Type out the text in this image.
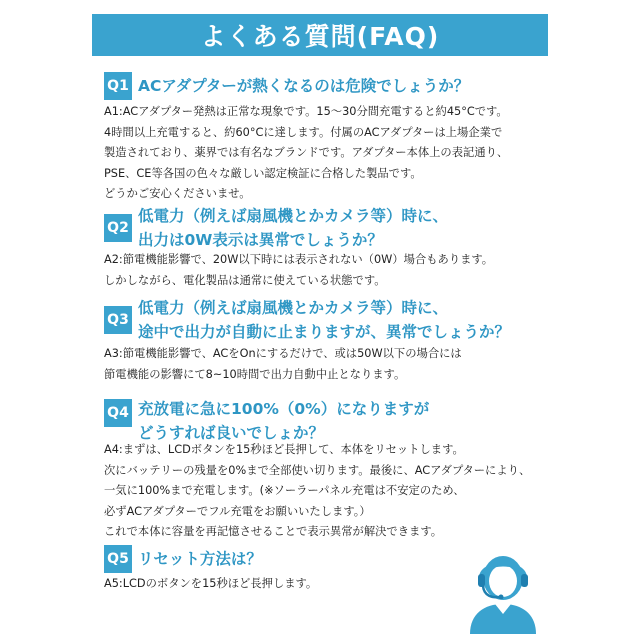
よくある質問(FAQ)
Q1 ACアダプターが熱くなるのは危険でしょうか？
A1:ACアダプター発熱は正常な現象です。15～30分間充電すると約45°Cです。
4時間以上充電すると、約60°Cに達します。付属のACアダプターは上場企業で
製造されており、薬界では有名なブランドです。アダプター本体上の表記通り、
PSE、CE等各国の色々な厳しい認定検証に合格した製品です。
どうかご安心くださいませ。
Q2
低電力（例えば扇風機とかカメラ等）時に、
出力は0W表示は異常でしょうか？
A2:節電機能影響で、20W以下時には表示されない（0W）場合もあります。
しかしながら、電化製品は通常に使えている状態です。
Q3
低電力（例えば扇風機とかカメラ等）時に、
途中で出力が自動に止まりますが、異常でしょうか？
A3:節電機能影響で、ACをOnにするだけで、或は50W以下の場合には
節電機能の影響にて8~10時間で出力自動中止となります。
Q4 充放電に急に100%（0%）になりますが
どうすれば良いでしょか？
A4:まずは、LCDボタンを15秒ほど長押して、本体をリセットします。
次にバッテリーの残量を0%まで全部使い切ります。最後に、ACアダプターにより、
一気に100%まで充電します。(※ソーラーパネル充電は不安定のため、
必ずACアダプターでフル充電をお願いいたします。）
これで本体に容量を再記憶させることで表示異常が解決できます。
Q5 リセット方法は？
A5:LCDのボタンを15秒ほど長押します。
